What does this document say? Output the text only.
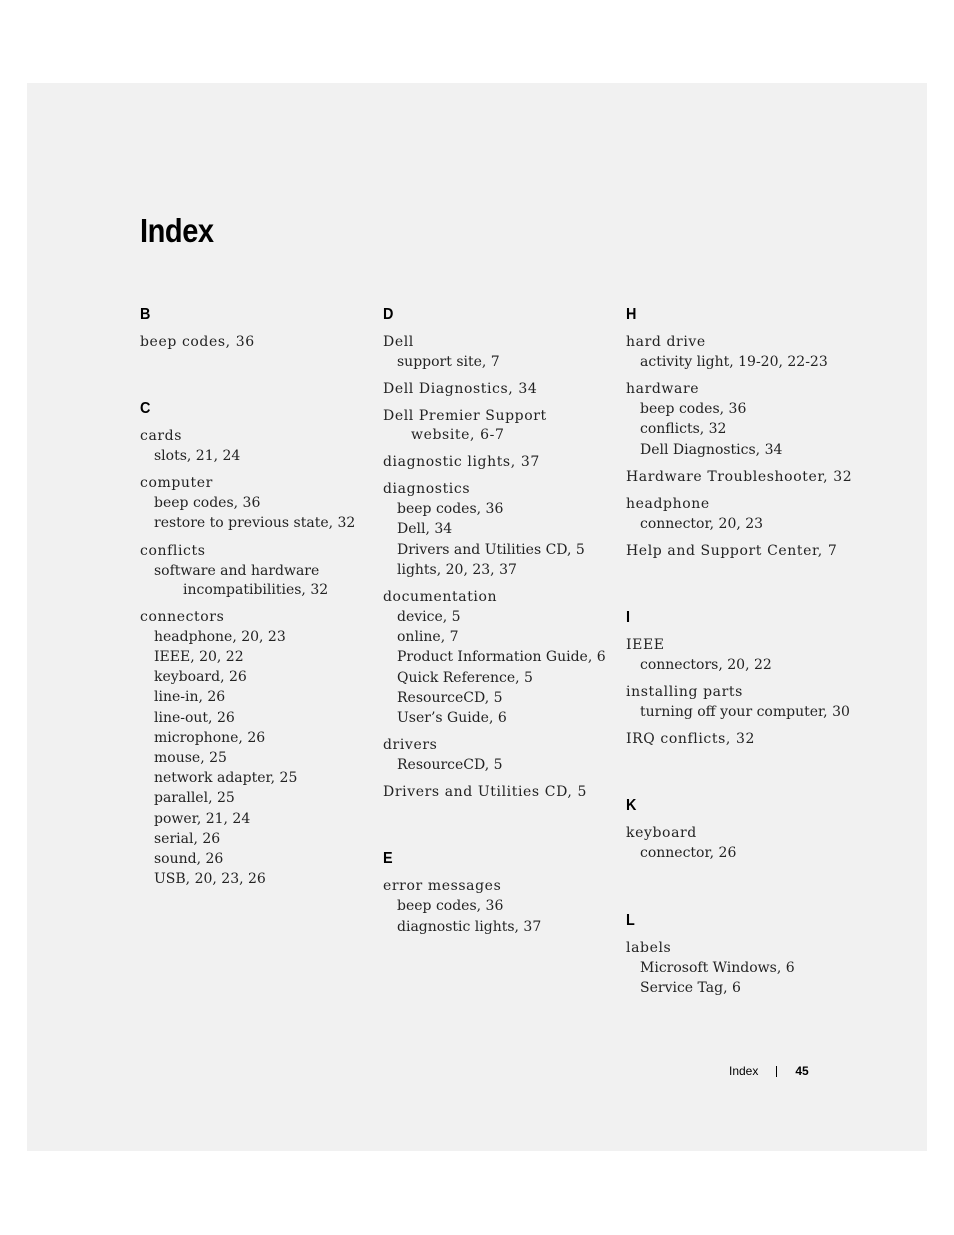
Index
B
beep codes, 36
C
cards
slots, 21, 24
computer
beep codes, 36
restore to previous state, 32
conflicts
software and hardware
incompatibilities, 32
connectors
headphone, 20, 23
IEEE, 20, 22
keyboard, 26
line-in, 26
line-out, 26
microphone, 26
mouse, 25
network adapter, 25
parallel, 25
power, 21, 24
serial, 26
sound, 26
USB, 20, 23, 26
D
Dell
support site, 7
Dell Diagnostics, 34
Dell Premier Support
website, 6-7
diagnostic lights, 37
diagnostics
beep codes, 36
Dell, 34
Drivers and Utilities CD, 5
lights, 20, 23, 37
documentation
device, 5
online, 7
Product Information Guide, 6
Quick Reference, 5
ResourceCD, 5
User’s Guide, 6
drivers
ResourceCD, 5
Drivers and Utilities CD, 5
E
error messages
beep codes, 36
diagnostic lights, 37
H
hard drive
activity light, 19-20, 22-23
hardware
beep codes, 36
conflicts, 32
Dell Diagnostics, 34
Hardware Troubleshooter, 32
headphone
connector, 20, 23
Help and Support Center, 7
I
IEEE
connectors, 20, 22
installing parts
turning off your computer, 30
IRQ conflicts, 32
K
keyboard
connector, 26
L
labels
Microsoft Windows, 6
Service Tag, 6
Index	45
